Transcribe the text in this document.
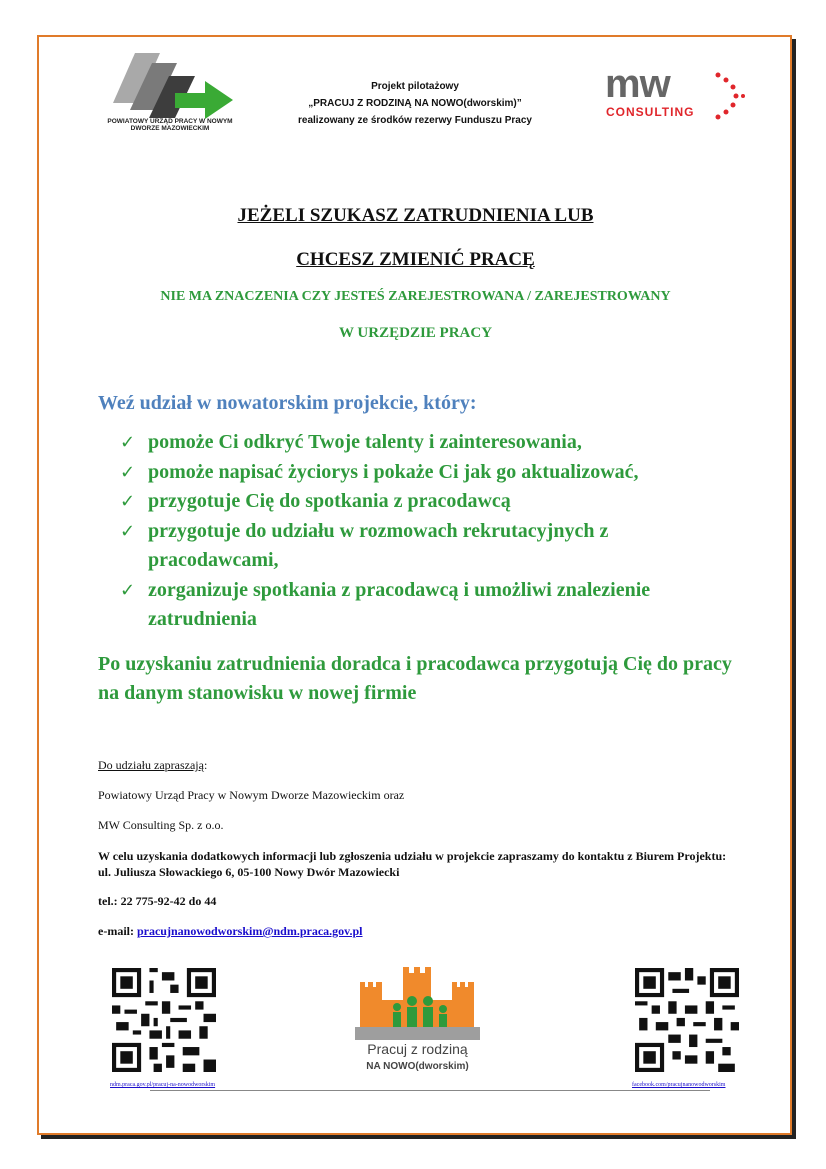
POWIATOWY URZĄD PRACY W NOWYM DWORZE MAZOWIECKIM
Projekt pilotażowy
„PRACUJ Z RODZINĄ NA NOWO(dworskim)”
realizowany ze środków rezerwy Funduszu Pracy
mw
CONSULTING
JEŻELI SZUKASZ ZATRUDNIENIA LUB
CHCESZ ZMIENIĆ PRACĘ
NIE MA ZNACZENIA CZY JESTEŚ ZAREJESTROWANA / ZAREJESTROWANY
W URZĘDZIE PRACY
Weź udział w nowatorskim projekcie, który:
✓ pomoże Ci odkryć Twoje talenty i zainteresowania,
✓ pomoże napisać życiorys i pokaże Ci jak go aktualizować,
✓ przygotuje Cię do spotkania z pracodawcą
✓ przygotuje do udziału w rozmowach rekrutacyjnych z pracodawcami,
✓ zorganizuje spotkania z pracodawcą i umożliwi znalezienie zatrudnienia
Po uzyskaniu zatrudnienia doradca i pracodawca przygotują Cię do pracy na danym stanowisku w nowej firmie
Do udziału zapraszają:
Powiatowy Urząd Pracy w Nowym Dworze Mazowieckim oraz
MW Consulting Sp. z o.o.
W celu uzyskania dodatkowych informacji lub zgłoszenia udziału w projekcie zapraszamy do kontaktu z Biurem Projektu: ul. Juliusza Słowackiego 6, 05-100 Nowy Dwór Mazowiecki
tel.: 22 775-92-42 do 44
e-mail: pracujnanowodworskim@ndm.praca.gov.pl
ndm.praca.gov.pl/pracuj-na-nowodworskim
Pracuj z rodziną
NA NOWO(dworskim)
facebook.com/pracujnanowodworskim
